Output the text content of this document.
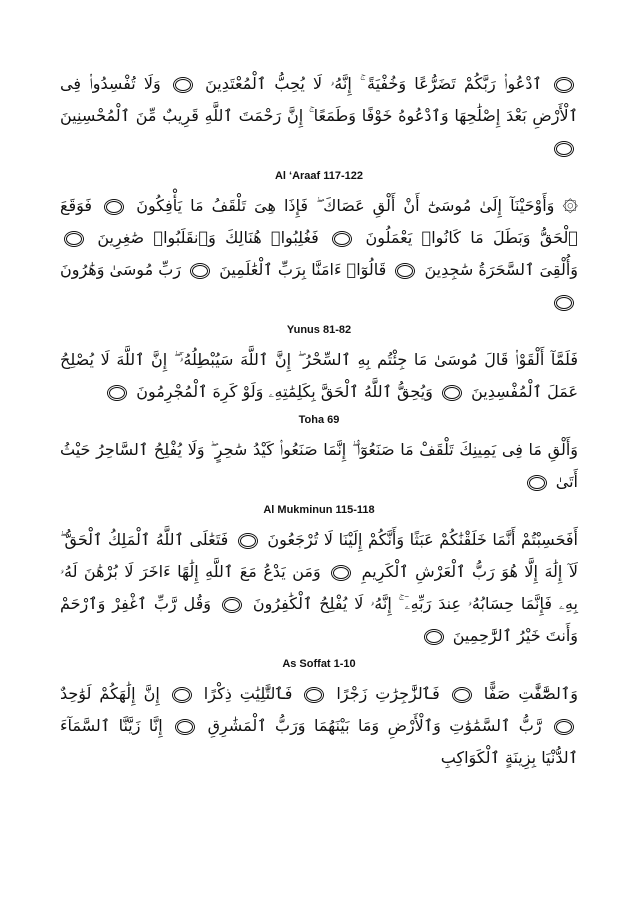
ٱدْعُوا۟ رَبَّكُمْ تَضَرُّعًا وَخُفْيَةً ۚ إِنَّهُۥ لَا يُحِبُّ ٱلْمُعْتَدِينَ  وَلَا تُفْسِدُوا۟ فِى ٱلْأَرْضِ بَعْدَ إِصْلَٰحِهَا وَٱدْعُوهُ خَوْفًا وَطَمَعًا ۚ إِنَّ رَحْمَتَ ٱللَّهِ قَرِيبٌ مِّنَ ٱلْمُحْسِنِينَ
Al ‘Araaf 117-122
۞ وَأَوْحَيْنَآ إِلَىٰ مُوسَىٰٓ أَنْ أَلْقِ عَصَاكَ ۖ فَإِذَا هِىَ تَلْقَفُ مَا يَأْفِكُونَ  فَوَقَعَ ٱلْحَقُّ وَبَطَلَ مَا كَانُوا۟ يَعْمَلُونَ  فَغُلِبُوا۟ هُنَالِكَ وَٱنقَلَبُوا۟ صَٰغِرِينَ  وَأُلْقِىَ ٱلسَّحَرَةُ سَٰجِدِينَ  قَالُوٓا۟ ءَامَنَّا بِرَبِّ ٱلْعَٰلَمِينَ  رَبِّ مُوسَىٰ وَهَٰرُونَ
Yunus 81-82
فَلَمَّآ أَلْقَوْا۟ قَالَ مُوسَىٰ مَا جِئْتُم بِهِ ٱلسِّحْرُ ۖ إِنَّ ٱللَّهَ سَيُبْطِلُهُۥٓ ۖ إِنَّ ٱللَّهَ لَا يُصْلِحُ عَمَلَ ٱلْمُفْسِدِينَ  وَيُحِقُّ ٱللَّهُ ٱلْحَقَّ بِكَلِمَٰتِهِۦ وَلَوْ كَرِهَ ٱلْمُجْرِمُونَ
Toha 69
وَأَلْقِ مَا فِى يَمِينِكَ تَلْقَفْ مَا صَنَعُوٓا۟ ۖ إِنَّمَا صَنَعُوا۟ كَيْدُ سَٰحِرٍ ۖ وَلَا يُفْلِحُ ٱلسَّاحِرُ حَيْثُ أَتَىٰ
Al Mukminun 115-118
أَفَحَسِبْتُمْ أَنَّمَا خَلَقْنَٰكُمْ عَبَثًا وَأَنَّكُمْ إِلَيْنَا لَا تُرْجَعُونَ  فَتَعَٰلَى ٱللَّهُ ٱلْمَلِكُ ٱلْحَقُّ ۖ لَآ إِلَٰهَ إِلَّا هُوَ رَبُّ ٱلْعَرْشِ ٱلْكَرِيمِ  وَمَن يَدْعُ مَعَ ٱللَّهِ إِلَٰهًا ءَاخَرَ لَا بُرْهَٰنَ لَهُۥ بِهِۦ فَإِنَّمَا حِسَابُهُۥ عِندَ رَبِّهِۦٓ ۚ إِنَّهُۥ لَا يُفْلِحُ ٱلْكَٰفِرُونَ  وَقُل رَّبِّ ٱغْفِرْ وَٱرْحَمْ وَأَنتَ خَيْرُ ٱلرَّٰحِمِينَ
As Soffat 1-10
وَٱلصَّٰٓفَّٰتِ صَفًّا  فَٱلزَّٰجِرَٰتِ زَجْرًا  فَٱلتَّٰلِيَٰتِ ذِكْرًا  إِنَّ إِلَٰهَكُمْ لَوَٰحِدٌ  رَّبُّ ٱلسَّمَٰوَٰتِ وَٱلْأَرْضِ وَمَا بَيْنَهُمَا وَرَبُّ ٱلْمَشَٰرِقِ  إِنَّا زَيَّنَّا ٱلسَّمَآءَ ٱلدُّنْيَا بِزِينَةٍ ٱلْكَوَاكِبِ
